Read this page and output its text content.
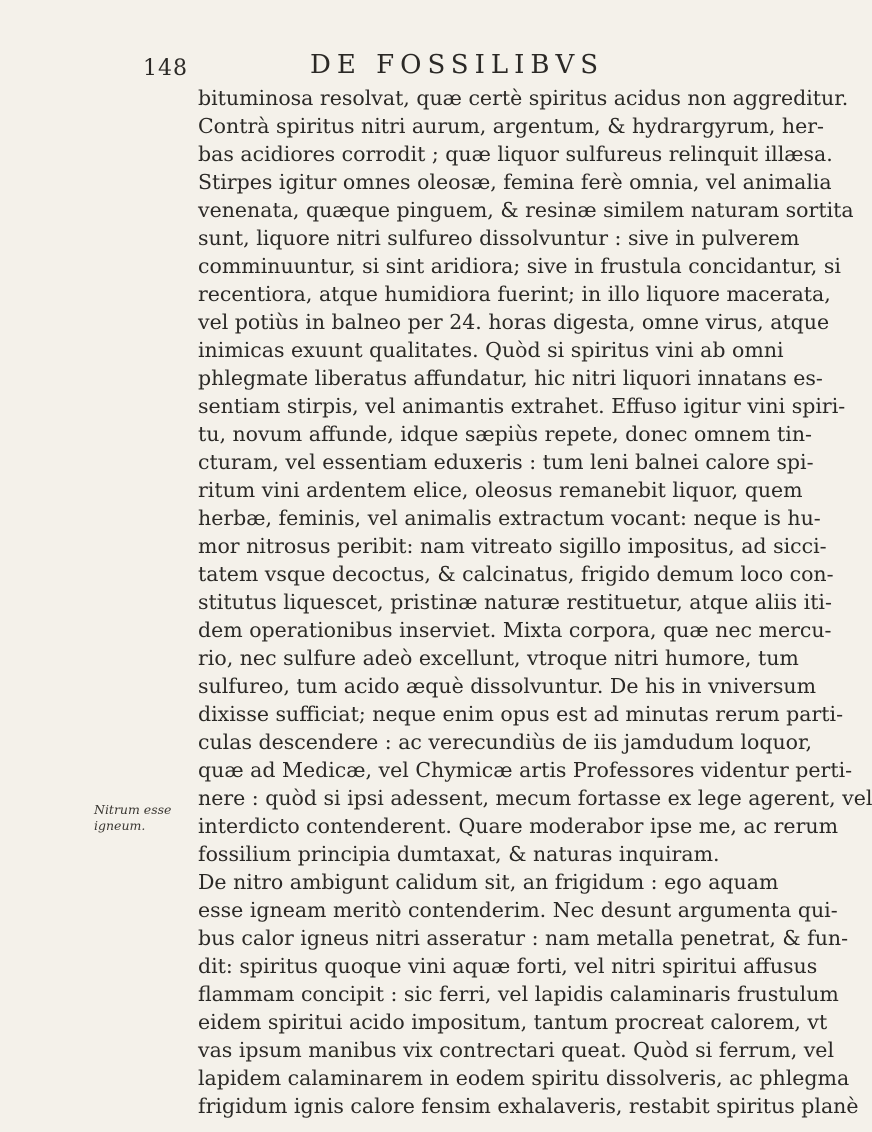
148	DE FOSSILIBVS
Nitrum esse
igneum.
bituminosa resolvat, quæ certè spiritus acidus non aggreditur.
Contrà spiritus nitri aurum, argentum, & hydrargyrum, her-
bas acidiores corrodit ; quæ liquor sulfureus relinquit illæsa.
Stirpes igitur omnes oleosæ, femina ferè omnia, vel animalia
venenata, quæque pinguem, & resinæ similem naturam sortita
sunt, liquore nitri sulfureo dissolvuntur : sive in pulverem
comminuuntur, si sint aridiora; sive in frustula concidantur, si
recentiora, atque humidiora fuerint; in illo liquore macerata,
vel potiùs in balneo per 24. horas digesta, omne virus, atque
inimicas exuunt qualitates. Quòd si spiritus vini ab omni
phlegmate liberatus affundatur, hic nitri liquori innatans es-
sentiam stirpis, vel animantis extrahet. Effuso igitur vini spiri-
tu, novum affunde, idque sæpiùs repete, donec omnem tin-
cturam, vel essentiam eduxeris : tum leni balnei calore spi-
ritum vini ardentem elice, oleosus remanebit liquor, quem
herbæ, feminis, vel animalis extractum vocant: neque is hu-
mor nitrosus peribit: nam vitreato sigillo impositus, ad sicci-
tatem vsque decoctus, & calcinatus, frigido demum loco con-
stitutus liquescet, pristinæ naturæ restituetur, atque aliis iti-
dem operationibus inserviet. Mixta corpora, quæ nec mercu-
rio, nec sulfure adeò excellunt, vtroque nitri humore, tum
sulfureo, tum acido æquè dissolvuntur. De his in vniversum
dixisse sufficiat; neque enim opus est ad minutas rerum parti-
culas descendere : ac verecundiùs de iis jamdudum loquor,
quæ ad Medicæ, vel Chymicæ artis Professores videntur perti-
nere : quòd si ipsi adessent, mecum fortasse ex lege agerent, vel
interdicto contenderent. Quare moderabor ipse me, ac rerum
fossilium principia dumtaxat, & naturas inquiram.
De nitro ambigunt calidum sit, an frigidum : ego aquam
esse igneam meritò contenderim. Nec desunt argumenta qui-
bus calor igneus nitri asseratur : nam metalla penetrat, & fun-
dit: spiritus quoque vini aquæ forti, vel nitri spiritui affusus
flammam concipit : sic ferri, vel lapidis calaminaris frustulum
eidem spiritui acido impositum, tantum procreat calorem, vt
vas ipsum manibus vix contrectari queat. Quòd si ferrum, vel
lapidem calaminarem in eodem spiritu dissolveris, ac phlegma
frigidum ignis calore fensim exhalaveris, restabit spiritus planè
